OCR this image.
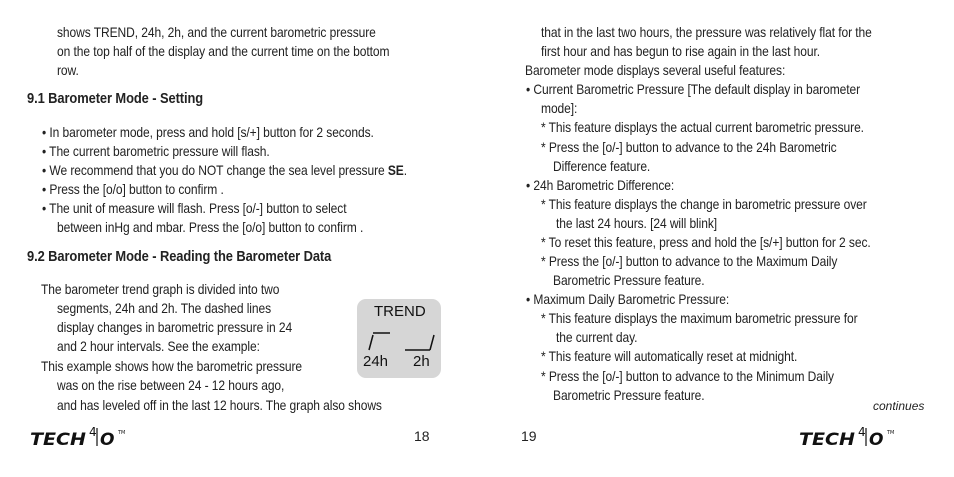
shows TREND, 24h, 2h, and the current barometric pressure
on the top half of the display and the current time on the bottom
row.
9.1 Barometer Mode - Setting
• In barometer mode, press and hold [s/+] button for 2 seconds.
• The current barometric pressure will flash.
• We recommend that you do NOT change the sea level pressure SE.
• Press the [o/o] button to confirm .
• The unit of measure will flash. Press [o/-] button to select
between inHg and mbar. Press the [o/o] button to confirm .
9.2 Barometer Mode - Reading the Barometer Data
The barometer trend graph is divided into two
segments, 24h and 2h. The dashed lines
display changes in barometric pressure in 24
and 2 hour intervals. See the example:
This example shows how the barometric pressure
was on the rise between 24 - 12 hours ago,
and has leveled off in the last 12 hours. The graph also shows
TREND
24h 2h
TECH 4 O TM	18
that in the last two hours, the pressure was relatively flat for the
first hour and has begun to rise again in the last hour.
Barometer mode displays several useful features:
• Current Barometric Pressure [The default display in barometer
mode]:
* This feature displays the actual current barometric pressure.
* Press the [o/-] button to advance to the 24h Barometric
Difference feature.
• 24h Barometric Difference:
* This feature displays the change in barometric pressure over
the last 24 hours. [24 will blink]
* To reset this feature, press and hold the [s/+] button for 2 sec.
* Press the [o/-] button to advance to the Maximum Daily
Barometric Pressure feature.
• Maximum Daily Barometric Pressure:
* This feature displays the maximum barometric pressure for
the current day.
* This feature will automatically reset at midnight.
* Press the [o/-] button to advance to the Minimum Daily
Barometric Pressure feature.
continues
19	TECH 4 O TM
